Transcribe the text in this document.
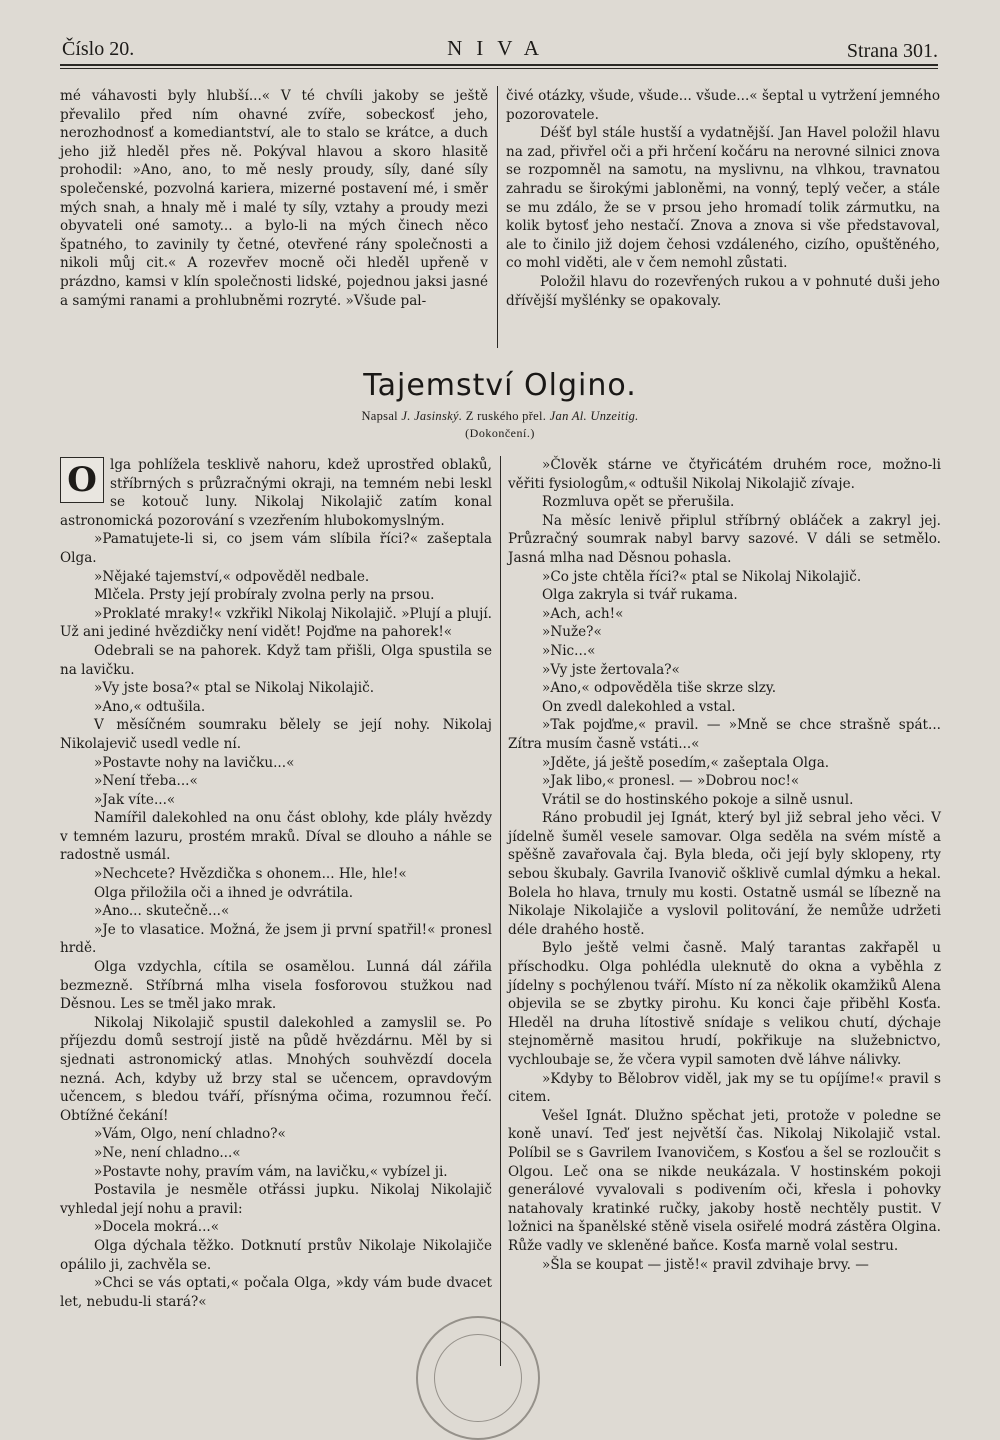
Číslo 20.	NIVA	Strana 301.

mé váhavosti byly hlubší...« V té chvíli jakoby se ještě převalilo před ním ohavné zvíře, sobeckosť jeho, nerozhodnosť a komediantství, ale to stalo se krátce, a duch jeho již hleděl přes ně. Pokýval hlavou a skoro hlasitě prohodil: »Ano, ano, to mě nesly proudy, síly, dané síly společenské, pozvolná kariera, mizerné postavení mé, i směr mých snah, a hnaly mě i malé ty síly, vztahy a proudy mezi obyvateli oné samoty... a bylo-li na mých činech něco špatného, to zavinily ty četné, otevřené rány společnosti a nikoli můj cit.« A rozevřev mocně oči hleděl upřeně v prázdno, kamsi v klín společnosti lidské, pojednou jaksi jasné a samými ranami a prohlubněmi rozryté. »Všude pal-

čivé otázky, všude, všude... všude...« šeptal u vytržení jemného pozorovatele.

Déšť byl stále hustší a vydatnější. Jan Havel položil hlavu na zad, přivřel oči a při hrčení kočáru na nerovné silnici znova se rozpomněl na samotu, na myslivnu, na vlhkou, travnatou zahradu se širokými jabloněmi, na vonný, teplý večer, a stále se mu zdálo, že se v prsou jeho hromadí tolik zármutku, na kolik bytosť jeho nestačí. Znova a znova si vše představoval, ale to činilo již dojem čehosi vzdáleného, cizího, opuštěného, co mohl viděti, ale v čem nemohl zůstati.

Položil hlavu do rozevřených rukou a v pohnuté duši jeho dřívější myšlénky se opakovaly.

Tajemství Olgino.
Napsal J. Jasinský. Z ruského přel. Jan Al. Unzeitig.
(Dokončení.)

O lga pohlížela tesklivě nahoru, kdež uprostřed oblaků, stříbrných s průzračnými okraji, na temném nebi leskl se kotouč luny. Nikolaj Nikolajič zatím konal astronomická pozorování s vzezřením hlubokomyslným.

»Pamatujete-li si, co jsem vám slíbila říci?« zašeptala Olga.

»Nějaké tajemství,« odpověděl nedbale.

Mlčela. Prsty její probíraly zvolna perly na prsou.

»Proklaté mraky!« vzkřikl Nikolaj Nikolajič. »Plují a plují. Už ani jediné hvězdičky není vidět! Pojďme na pahorek!«

Odebrali se na pahorek. Když tam přišli, Olga spustila se na lavičku.

»Vy jste bosa?« ptal se Nikolaj Nikolajič.

»Ano,« odtušila.

V měsíčném soumraku bělely se její nohy. Nikolaj Nikolajevič usedl vedle ní.

»Postavte nohy na lavičku...«

»Není třeba...«

»Jak víte...«

Namířil dalekohled na onu část oblohy, kde plály hvězdy v temném lazuru, prostém mraků. Díval se dlouho a náhle se radostně usmál.

»Nechcete? Hvězdička s ohonem... Hle, hle!«

Olga přiložila oči a ihned je odvrátila.

»Ano... skutečně...«

»Je to vlasatice. Možná, že jsem ji první spatřil!« pronesl hrdě.

Olga vzdychla, cítila se osamělou. Lunná dál zářila bezmezně. Stříbrná mlha visela fosforovou stužkou nad Děsnou. Les se tměl jako mrak.

Nikolaj Nikolajič spustil dalekohled a zamyslil se. Po příjezdu domů sestrojí jistě na půdě hvězdárnu. Měl by si sjednati astronomický atlas. Mnohých souhvězdí docela nezná. Ach, kdyby už brzy stal se učencem, opravdovým učencem, s bledou tváří, přísnýma očima, rozumnou řečí. Obtížné čekání!

»Vám, Olgo, není chladno?«

»Ne, není chladno...«

»Postavte nohy, pravím vám, na lavičku,« vybízel ji.

Postavila je nesměle otřássi jupku. Nikolaj Nikolajič vyhledal její nohu a pravil:

»Docela mokrá...«

Olga dýchala těžko. Dotknutí prstův Nikolaje Nikolajiče opálilo ji, zachvěla se.

»Chci se vás optati,« počala Olga, »kdy vám bude dvacet let, nebudu-li stará?«

»Člověk stárne ve čtyřicátém druhém roce, možno-li věřiti fysiologům,« odtušil Nikolaj Nikolajič zívaje.

Rozmluva opět se přerušila.

Na měsíc lenivě připlul stříbrný obláček a zakryl jej. Průzračný soumrak nabyl barvy sazové. V dáli se setmělo. Jasná mlha nad Děsnou pohasla.

»Co jste chtěla říci?« ptal se Nikolaj Nikolajič.

Olga zakryla si tvář rukama.

»Ach, ach!«

»Nuže?«

»Nic...«

»Vy jste žertovala?«

»Ano,« odpověděla tiše skrze slzy.

On zvedl dalekohled a vstal.

»Tak pojďme,« pravil. — »Mně se chce strašně spát... Zítra musím časně vstáti...«

»Jděte, já ještě posedím,« zašeptala Olga.

»Jak libo,« pronesl. — »Dobrou noc!«

Vrátil se do hostinského pokoje a silně usnul.

Ráno probudil jej Ignát, který byl již sebral jeho věci. V jídelně šuměl vesele samovar. Olga seděla na svém místě a spěšně zavařovala čaj. Byla bleda, oči její byly sklopeny, rty sebou škubaly. Gavrila Ivanovič ošklivě cumlal dýmku a hekal. Bolela ho hlava, trnuly mu kosti. Ostatně usmál se líbezně na Nikolaje Nikolajiče a vyslovil politování, že nemůže udržeti déle drahého hostě.

Bylo ještě velmi časně. Malý tarantas zakřapěl u příschodku. Olga pohlédla uleknutě do okna a vyběhla z jídelny s pochýlenou tváří. Místo ní za několik okamžiků Alena objevila se se zbytky pirohu. Ku konci čaje přiběhl Kosťa. Hleděl na druha lítostivě snídaje s velikou chutí, dýchaje stejnoměrně masitou hrudí, pokřikuje na služebnictvo, vychloubaje se, že včera vypil samoten dvě láhve nálivky.

»Kdyby to Bělobrov viděl, jak my se tu opíjíme!« pravil s citem.

Vešel Ignát. Dlužno spěchat jeti, protože v poledne se koně unaví. Teď jest největší čas. Nikolaj Nikolajič vstal. Políbil se s Gavrilem Ivanovičem, s Kosťou a šel se rozloučit s Olgou. Leč ona se nikde neukázala. V hostinském pokoji generálové vyvalovali s podivením oči, křesla i pohovky natahovaly kratinké ručky, jakoby hostě nechtěly pustit. V ložnici na španělské stěně visela osiřelé modrá zástěra Olgina. Růže vadly ve skleněné baňce. Kosťa marně volal sestru.

»Šla se koupat — jistě!« pravil zdvihaje brvy. —
